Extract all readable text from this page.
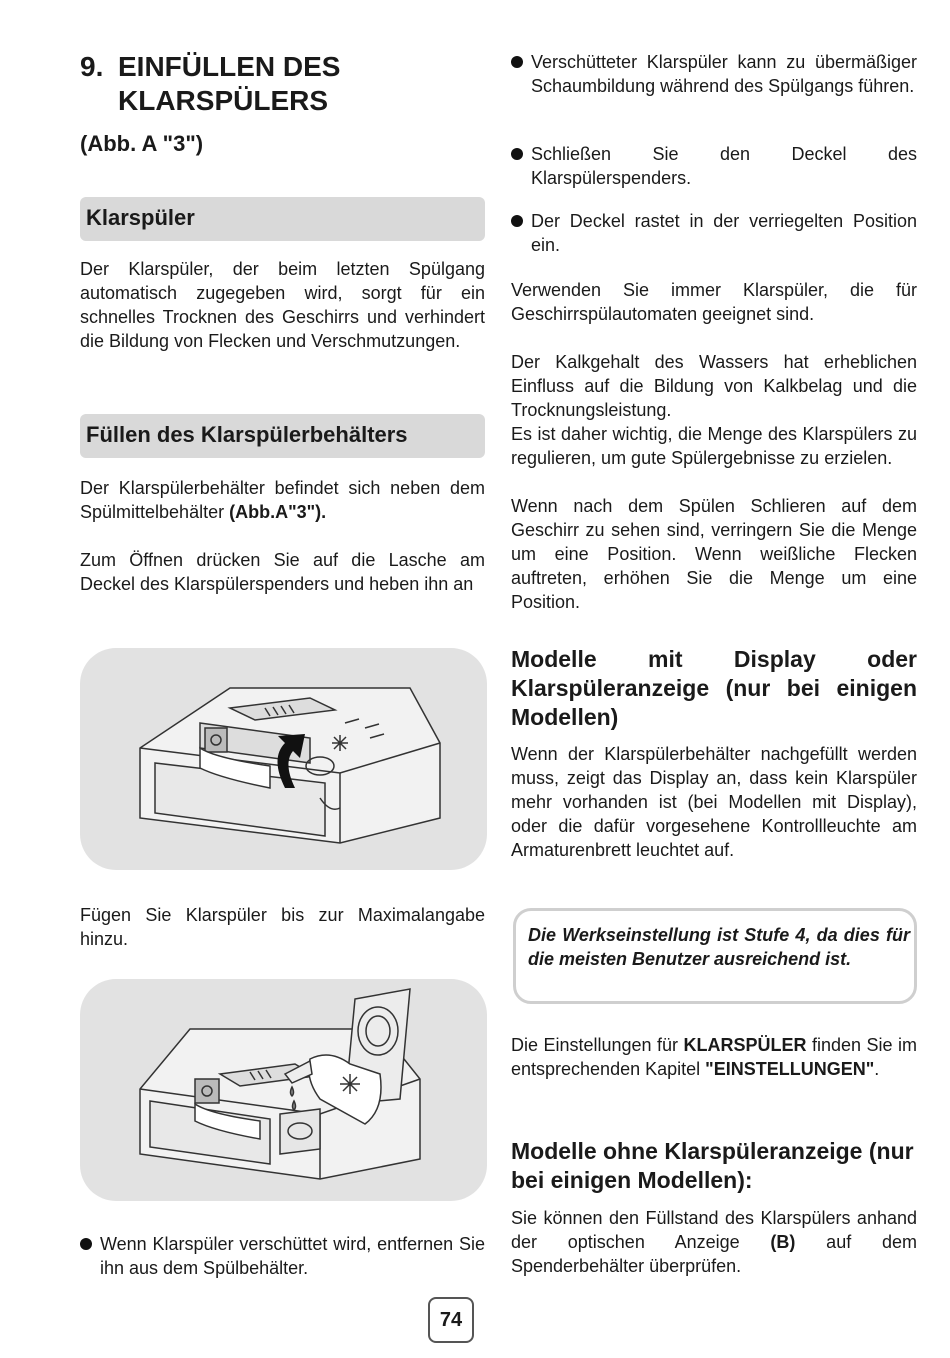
9. EINFÜLLEN DES KLARSPÜLERS
(Abb. A "3")
Klarspüler

Der Klarspüler, der beim letzten Spülgang automatisch zugegeben wird, sorgt für ein schnelles Trocknen des Geschirrs und verhindert die Bildung von Flecken und Verschmutzungen.

Füllen des Klarspülerbehälters

Der Klarspülerbehälter befindet sich neben dem Spülmittelbehälter (Abb.A"3").

Zum Öffnen drücken Sie auf die Lasche am Deckel des Klarspülerspenders und heben ihn an

Fügen Sie Klarspüler bis zur Maximalangabe hinzu.

Wenn Klarspüler verschüttet wird, entfernen Sie ihn aus dem Spülbehälter.
Verschütteter Klarspüler kann zu übermäßiger Schaumbildung während des Spülgangs führen.
Schließen Sie den Deckel des Klarspülerspenders.
Der Deckel rastet in der verriegelten Position ein.

Verwenden Sie immer Klarspüler, die für Geschirrspülautomaten geeignet sind.

Der Kalkgehalt des Wassers hat erheblichen Einfluss auf die Bildung von Kalkbelag und die Trocknungsleistung.

Es ist daher wichtig, die Menge des Klarspülers zu regulieren, um gute Spülergebnisse zu erzielen.

Wenn nach dem Spülen Schlieren auf dem Geschirr zu sehen sind, verringern Sie die Menge um eine Position. Wenn weißliche Flecken auftreten, erhöhen Sie die Menge um eine Position.

Modelle mit Display oder Klarspüleranzeige (nur bei einigen Modellen)

Wenn der Klarspülerbehälter nachgefüllt werden muss, zeigt das Display an, dass kein Klarspüler mehr vorhanden ist (bei Modellen mit Display), oder die dafür vorgesehene Kontrollleuchte am Armaturenbrett leuchtet auf.

Die Werkseinstellung ist Stufe 4, da dies für die meisten Benutzer ausreichend ist.

Die Einstellungen für KLARSPÜLER finden Sie im entsprechenden Kapitel "EINSTELLUNGEN".

Modelle ohne Klarspüleranzeige (nur bei einigen Modellen):

Sie können den Füllstand des Klarspülers anhand der optischen Anzeige (B) auf dem Spenderbehälter überprüfen.

74
